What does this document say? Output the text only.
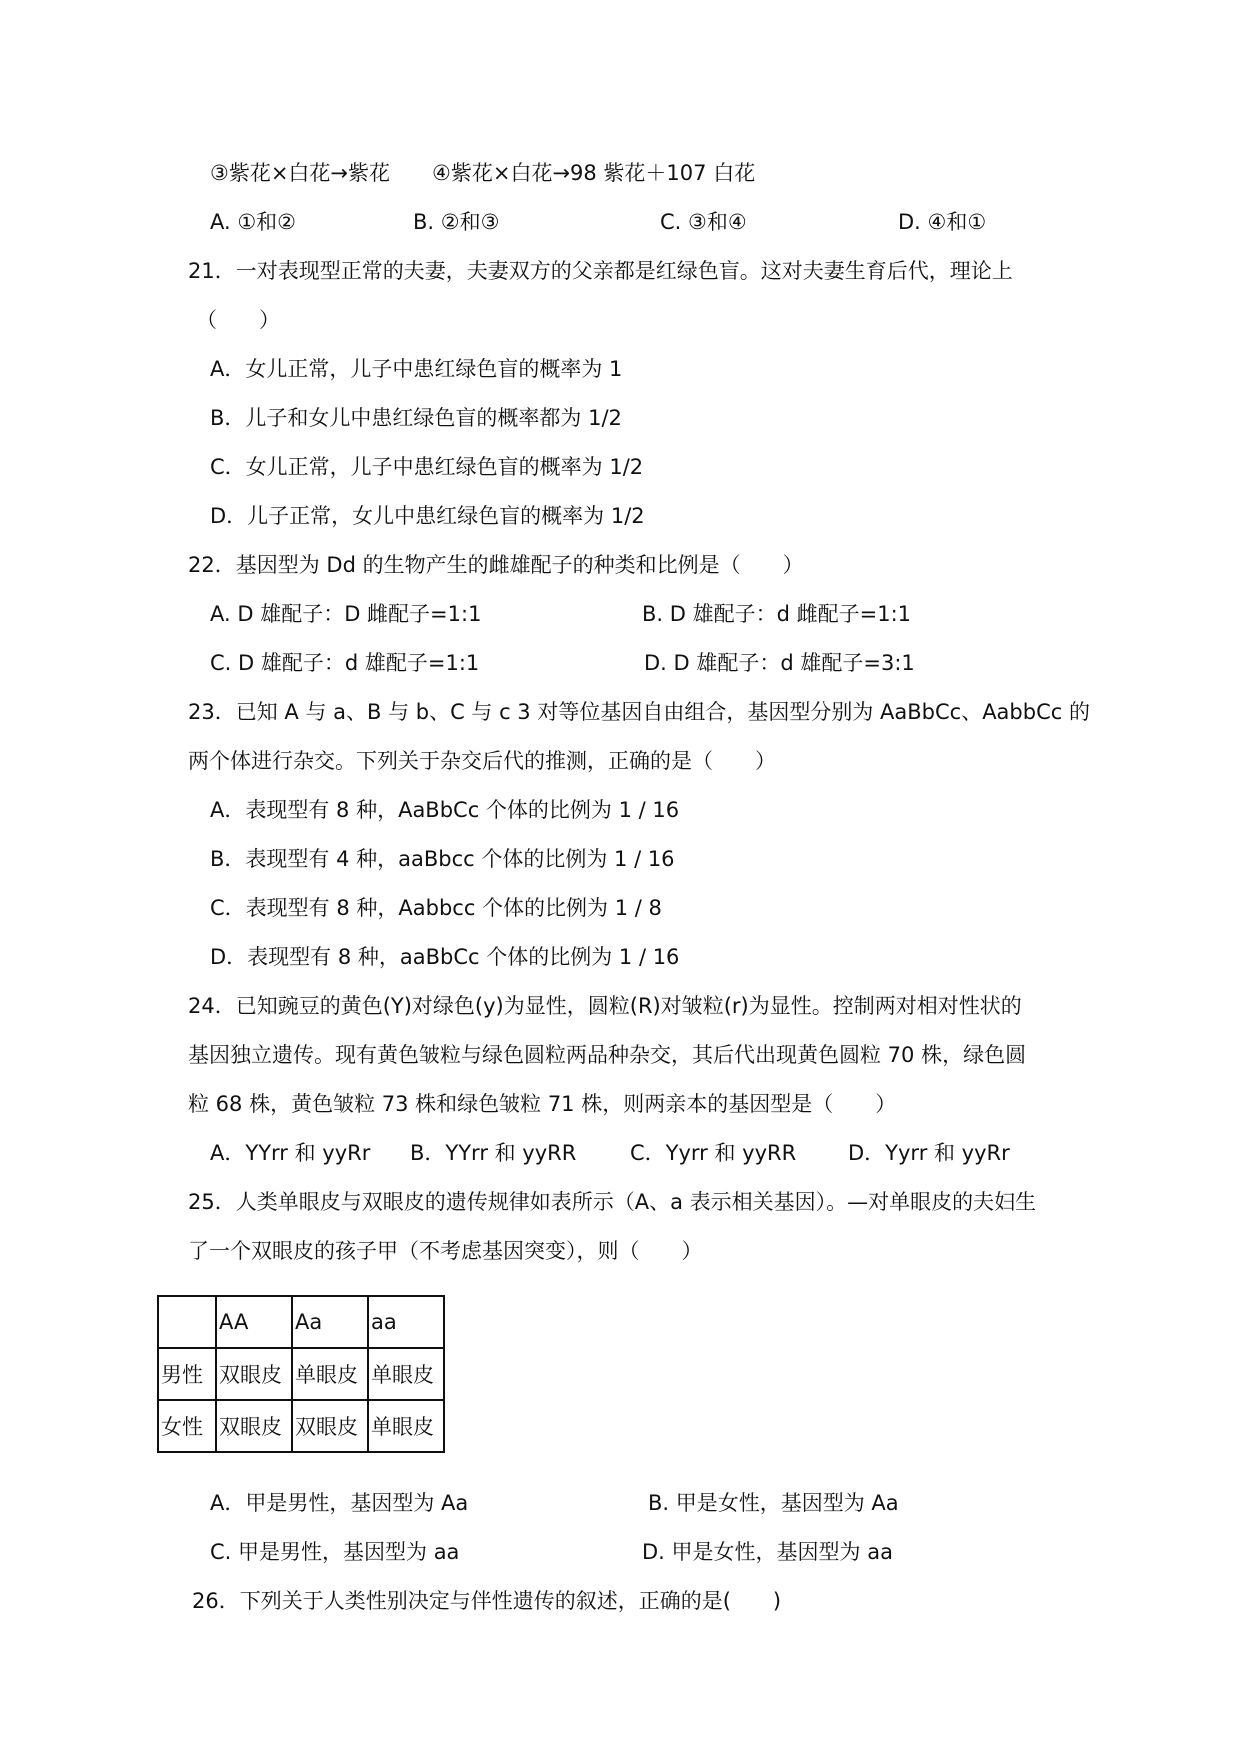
③紫花×白花→紫花　　④紫花×白花→98 紫花＋107 白花
A. ①和②	B. ②和③	C. ③和④	D. ④和①
21．一对表现型正常的夫妻，夫妻双方的父亲都是红绿色盲。这对夫妻生育后代，理论上
（　　）
A．女儿正常，儿子中患红绿色盲的概率为 1
B．儿子和女儿中患红绿色盲的概率都为 1/2
C．女儿正常，儿子中患红绿色盲的概率为 1/2
D．儿子正常，女儿中患红绿色盲的概率为 1/2
22．基因型为 Dd 的生物产生的雌雄配子的种类和比例是（　　）
A. D 雄配子：D 雌配子=1:1	B. D 雄配子：d 雌配子=1:1
C. D 雄配子：d 雄配子=1:1	D. D 雄配子：d 雄配子=3:1
23．已知 A 与 a、B 与 b、C 与 c 3 对等位基因自由组合，基因型分别为 AaBbCc、AabbCc 的
两个体进行杂交。下列关于杂交后代的推测，正确的是（　　）
A．表现型有 8 种，AaBbCc 个体的比例为 1 / 16
B．表现型有 4 种，aaBbcc 个体的比例为 1 / 16
C．表现型有 8 种，Aabbcc 个体的比例为 1 / 8
D．表现型有 8 种，aaBbCc 个体的比例为 1 / 16
24．已知豌豆的黄色(Y)对绿色(y)为显性，圆粒(R)对皱粒(r)为显性。控制两对相对性状的
基因独立遗传。现有黄色皱粒与绿色圆粒两品种杂交，其后代出现黄色圆粒 70 株，绿色圆
粒 68 株，黄色皱粒 73 株和绿色皱粒 71 株，则两亲本的基因型是（　　）
A．YYrr 和 yyRr B．YYrr 和 yyRR	C．Yyrr 和 yyRR D．Yyrr 和 yyRr
25．人类单眼皮与双眼皮的遗传规律如表所示（A、a 表示相关基因）。—对单眼皮的夫妇生
了一个双眼皮的孩子甲（不考虑基因突变），则（　　）
	AA	Aa	aa
男性	双眼皮	单眼皮	单眼皮
女性	双眼皮	双眼皮	单眼皮
A．甲是男性，基因型为 Aa	B. 甲是女性，基因型为 Aa
C. 甲是男性，基因型为 aa	D. 甲是女性，基因型为 aa
26．下列关于人类性别决定与伴性遗传的叙述，正确的是(　　)
